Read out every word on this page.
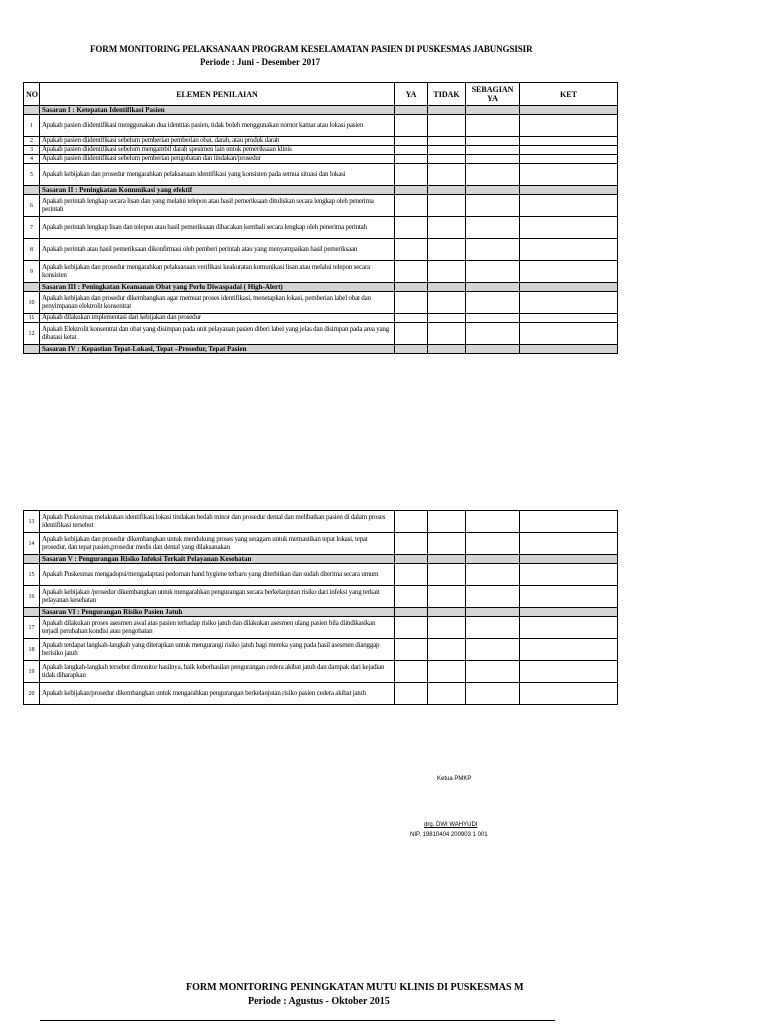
FORM MONITORING PELAKSANAAN PROGRAM KESELAMATAN PASIEN DI PUSKESMAS JABUNGSISIR
Periode : Juni - Desember 2017
NO	ELEMEN PENILAIAN	YA	TIDAK	SEBAGIAN YA	KET
	Sasaran I : Ketepatan Identifikasi Pasien				
1	Apakah pasien diidentifikasi menggunakan dua identitas pasien, tidak boleh menggunakan nomor kamar atau lokasi pasien				
2	Apakah pasien diidentifikasi sebelum pemberian pemberian obat, darah, atau produk darah				
3	Apakah pasien diidentifikasi sebelum mengambil darah spesimen lain untuk pemeriksaan klinis				
4	Apakah pasien diidentifikasi sebelum pemberian pengobatan dan tindakan/prosedur				
5	Apakah kebijakan dan prosedur mengarahkan pelaksanaan identifikasi yang konsisten pada semua situasi dan lokasi				
	Sasaran II : Peningkatan Komunikasi yang efektif				
6	Apakah perintah lengkap secara lisan dan yang melalui telepon atau hasil pemeriksaan dituliskan secara lengkap oleh penerima perintah				
7	Apakah perintah lengkap lisan dan telepon atau hasil pemeriksaan dibacakan kembali secara lengkap oleh penerima perintah				
8	Apakah perintah atau hasil pemeriksaan dikonfirmasi oleh pemberi perintah atau yang menyampaikan hasil pemeriksaan				
9	Apakah kebijakan dan prosedur mengarahkan pelaksanaan verifikasi keakuratan komunikasi lisan atau melalui telepon secara konsisten				
	Sasaran III : Peningkatan Keamanan Obat yang Perlu Diwaspadai ( High-Alert)				
10	Apakah kebijakan dan prosedur dikembangkan agar memuat proses identifikasi, menetapkan lokasi, pemberian label obat dan penyimpanan elektrolit konsentrat				
11	Apakah dilakukan implementasi dari kebijakan dan prosedur				
12	Apakah Elektrolit konsentrat dan obat yang disimpan pada unit pelayanan pasien diberi label yang jelas dan disimpan pada area yang dibatasi ketat				
	Sasaran IV : Kepastian Tepat-Lokasi, Tepat –Prosedur, Tepat Pasien				
13	Apakah Puskesmas melakukan identifikasi lokasi tindakan bedah minor dan prosedur dental dan melibatkan pasien di dalam proses identifikasi tersebut				
14	Apakah kebijakan dan prosedur dikembangkan untuk mendukung proses yang seragam untuk memastikan tepat lokasi, tepat prosedur, dan tepat pasien,prosedur medis dan dental yang dilaksanakan				
	Sasaran V : Pengurangan Risiko Infeksi Terkait Pelayanan Kesehatan				
15	Apakah Puskesmas mengadopsi/mengadaptasi pedoman hand hygiene terbaru yang diterbitkan dan sudah diterima secara umum				
16	Apakah kebijakan /prosedur dikembangkan untuk mengarahkan pengurangan secara berkelanjutan risiko dari infeksi yang terkait pelayanan kesehatan				
	Sasaran VI : Pengurangan Risiko Pasien Jatuh				
17	Apakah dilakukan proses asesmen awal atas pasien terhadap risiko jatuh dan dilakukan asesmen ulang pasien bila diindikasikan terjadi perubahan kondisi atau pengobatan				
18	Apakah terdapat langkah-langkah yang diterapkan untuk mengurangi risiko jatuh bagi mereka yang pada hasil asesmen dianggap berisiko jatuh				
19	Apakah langkah-langkah tersebut dimonitor hasilnya, baik keberhasilan pengurangan cedera akibat jatuh dan dampak dari kejadian tidak diharapkan				
20	Apakah kebijakan/prosedur dikembangkan untuk mengarahkan pengurangan berkelanjutan risiko pasien cedera akibat jatuh				
Ketua PMKP
drg. DWI WAHYUDI
NIP. 19810404 200903 1 001
FORM MONITORING PENINGKATAN MUTU KLINIS DI PUSKESMAS M
Periode : Agustus - Oktober 2015
